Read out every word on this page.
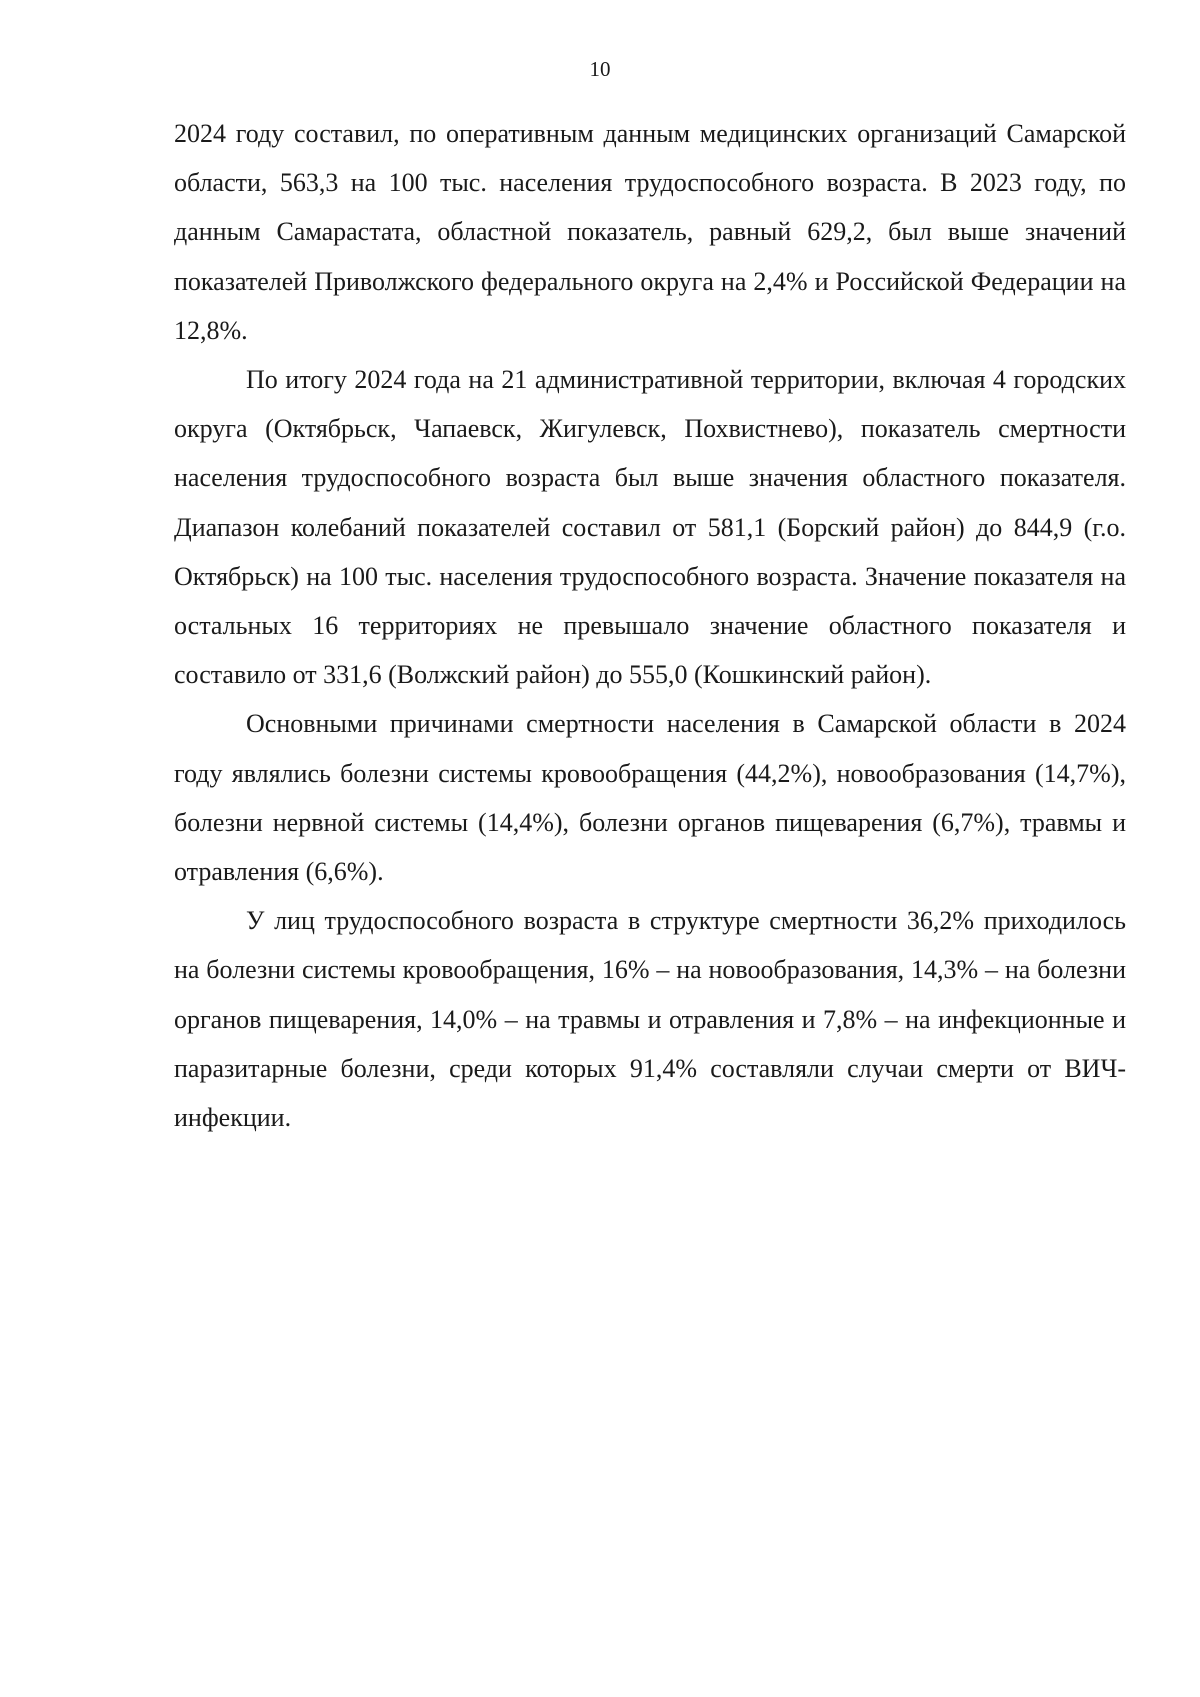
10

2024 году составил, по оперативным данным медицинских организаций Самарской области, 563,3 на 100 тыс. населения трудоспособного возраста. В 2023 году, по данным Самарастата, областной показатель, равный 629,2, был выше значений показателей Приволжского федерального округа на 2,4% и Российской Федерации на 12,8%.

По итогу 2024 года на 21 административной территории, включая 4 городских округа (Октябрьск, Чапаевск, Жигулевск, Похвистнево), показатель смертности населения трудоспособного возраста был выше значения областного показателя. Диапазон колебаний показателей составил от 581,1 (Борский район) до 844,9 (г.о. Октябрьск) на 100 тыс. населения трудоспособного возраста. Значение показателя на остальных 16 территориях не превышало значение областного показателя и составило от 331,6 (Волжский район) до 555,0 (Кошкинский район).

Основными причинами смертности населения в Самарской области в 2024 году являлись болезни системы кровообращения (44,2%), новообразования (14,7%), болезни нервной системы (14,4%), болезни органов пищеварения (6,7%), травмы и отравления (6,6%).

У лиц трудоспособного возраста в структуре смертности 36,2% приходилось на болезни системы кровообращения, 16% – на новообразования, 14,3% – на болезни органов пищеварения, 14,0% – на травмы и отравления и 7,8% – на инфекционные и паразитарные болезни, среди которых 91,4% составляли случаи смерти от ВИЧ-инфекции.
